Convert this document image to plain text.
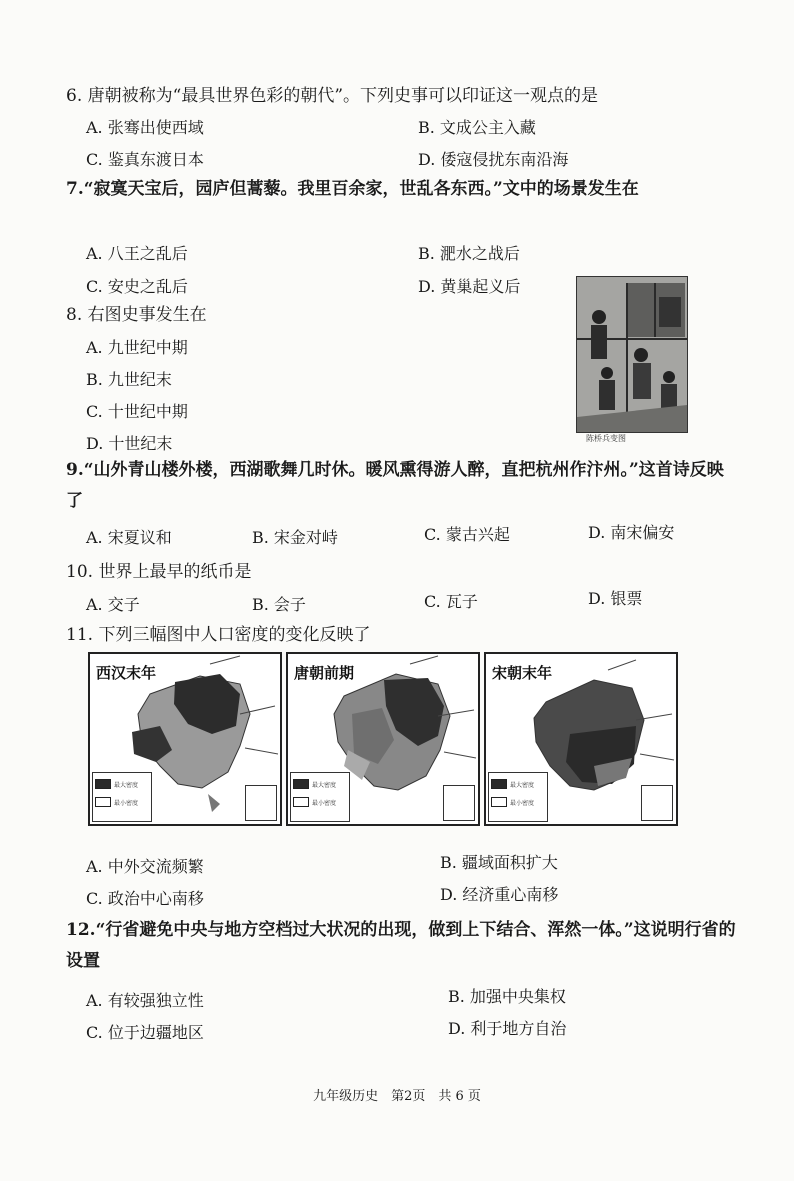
6. 唐朝被称为“最具世界色彩的朝代”。下列史事可以印证这一观点的是
A. 张骞出使西域	B. 文成公主入藏
C. 鉴真东渡日本	D. 倭寇侵扰东南沿海
7.“寂寞天宝后，园庐但蒿藜。我里百余家，世乱各东西。”文中的场景发生在
A. 八王之乱后	B. 淝水之战后
C. 安史之乱后	D. 黄巢起义后
8. 右图史事发生在
A. 九世纪中期
B. 九世纪末
C. 十世纪中期
D. 十世纪末	陈桥兵变图
9.“山外青山楼外楼，西湖歌舞几时休。暖风熏得游人醉，直把杭州作汴州。”这首诗反映了
A. 宋夏议和	B. 宋金对峙	C. 蒙古兴起	D. 南宋偏安
10. 世界上最早的纸币是
A. 交子	B. 会子	C. 瓦子	D. 银票
11. 下列三幅图中人口密度的变化反映了
西汉末年
最大密度
最小密度
唐朝前期
最大密度
最小密度
宋朝末年
最大密度
最小密度
A. 中外交流频繁	B. 疆域面积扩大
C. 政治中心南移	D. 经济重心南移
12.“行省避免中央与地方空档过大状况的出现，做到上下结合、浑然一体。”这说明行省的设置
A. 有较强独立性	B. 加强中央集权
C. 位于边疆地区	D. 利于地方自治
九年级历史　第2页　共 6 页
